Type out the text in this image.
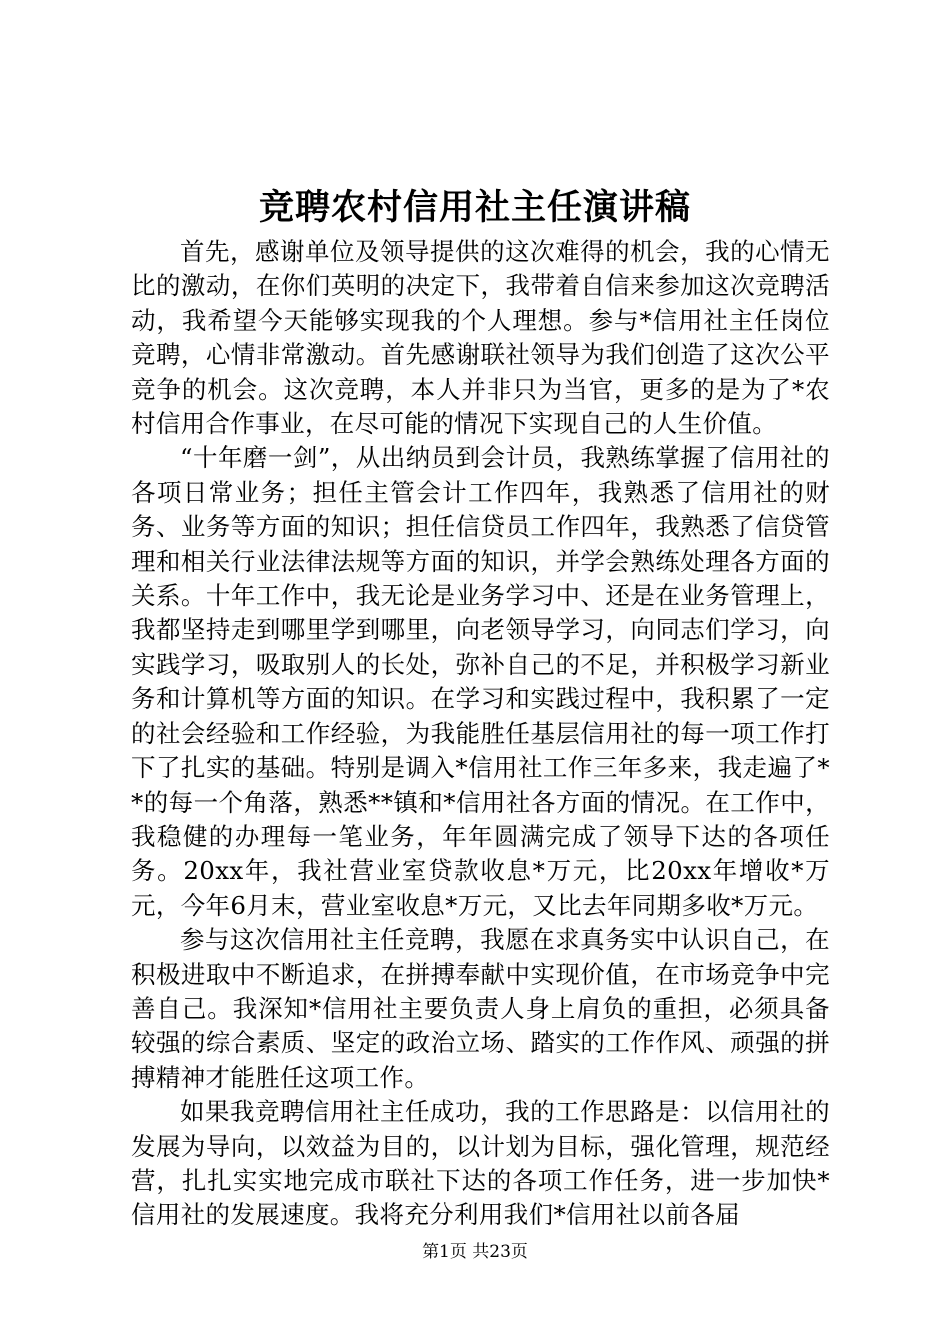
竞聘农村信用社主任演讲稿

首先，感谢单位及领导提供的这次难得的机会，我的心情无比的激动，在你们英明的决定下，我带着自信来参加这次竞聘活动，我希望今天能够实现我的个人理想。参与*信用社主任岗位竞聘，心情非常激动。首先感谢联社领导为我们创造了这次公平竞争的机会。这次竞聘，本人并非只为当官，更多的是为了*农村信用合作事业，在尽可能的情况下实现自己的人生价值。

“十年磨一剑”，从出纳员到会计员，我熟练掌握了信用社的各项日常业务；担任主管会计工作四年，我熟悉了信用社的财务、业务等方面的知识；担任信贷员工作四年，我熟悉了信贷管理和相关行业法律法规等方面的知识，并学会熟练处理各方面的关系。十年工作中，我无论是业务学习中、还是在业务管理上，我都坚持走到哪里学到哪里，向老领导学习，向同志们学习，向实践学习，吸取别人的长处，弥补自己的不足，并积极学习新业务和计算机等方面的知识。在学习和实践过程中，我积累了一定的社会经验和工作经验，为我能胜任基层信用社的每一项工作打下了扎实的基础。特别是调入*信用社工作三年多来，我走遍了**的每一个角落，熟悉**镇和*信用社各方面的情况。在工作中，我稳健的办理每一笔业务，年年圆满完成了领导下达的各项任务。20xx年，我社营业室贷款收息*万元，比20xx年增收*万元，今年6月末，营业室收息*万元，又比去年同期多收*万元。

参与这次信用社主任竞聘，我愿在求真务实中认识自己，在积极进取中不断追求，在拼搏奉献中实现价值，在市场竞争中完善自己。我深知*信用社主要负责人身上肩负的重担，必须具备较强的综合素质、坚定的政治立场、踏实的工作作风、顽强的拼搏精神才能胜任这项工作。

如果我竞聘信用社主任成功，我的工作思路是：以信用社的发展为导向，以效益为目的，以计划为目标，强化管理，规范经营，扎扎实实地完成市联社下达的各项工作任务，进一步加快*信用社的发展速度。我将充分利用我们*信用社以前各届

第1页 共23页
